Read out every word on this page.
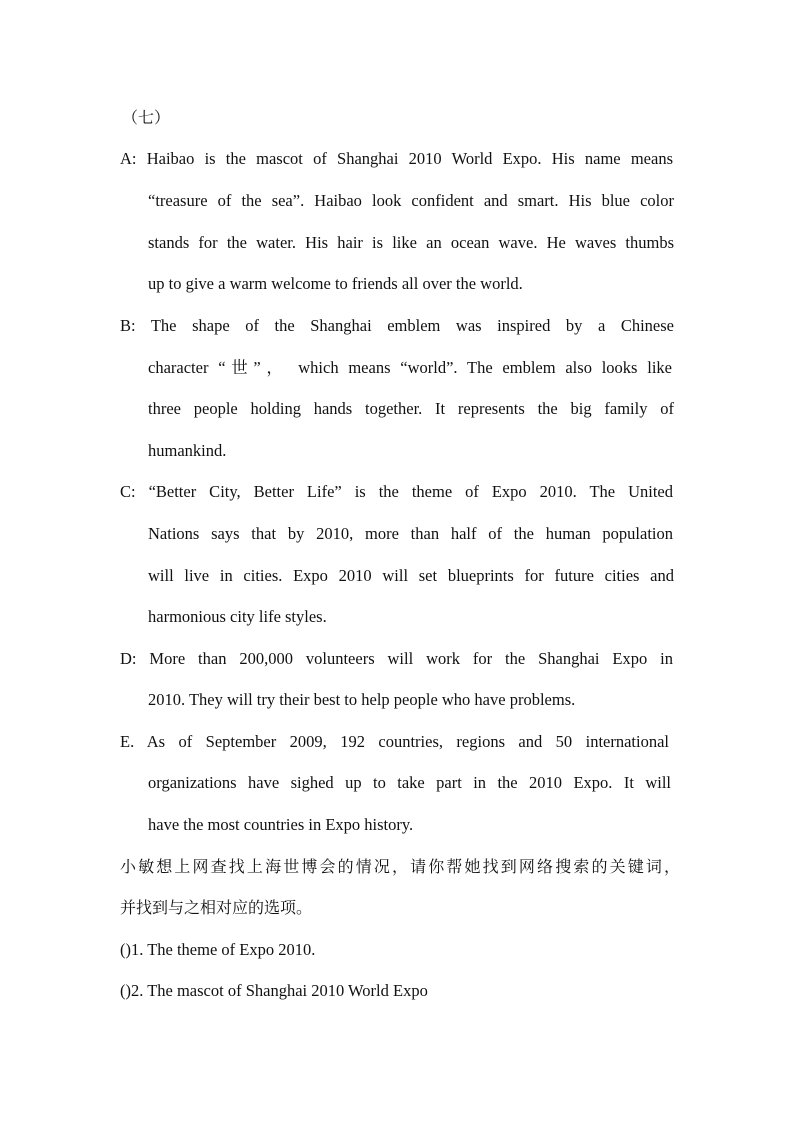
（七）
A: Haibao is the mascot of Shanghai 2010 World Expo. His name means
“treasure of the sea”. Haibao look confident and smart. His blue color
stands for the water. His hair is like an ocean wave. He waves thumbs
up to give a warm welcome to friends all over the world.
B: The shape of the Shanghai emblem was inspired by a Chinese
character “世”， which means “world”. The emblem also looks like
three people holding hands together. It represents the big family of
humankind.
C: “Better City, Better Life” is the theme of Expo 2010. The United
Nations says that by 2010, more than half of the human population
will live in cities. Expo 2010 will set blueprints for future cities and
harmonious city life styles.
D: More than 200,000 volunteers will work for the Shanghai Expo in
2010. They will try their best to help people who have problems.
E. As of September 2009, 192 countries, regions and 50 international
organizations have sighed up to take part in the 2010 Expo. It will
have the most countries in Expo history.
小敏想上网查找上海世博会的情况，请你帮她找到网络搜索的关键词，
并找到与之相对应的选项。
()1. The theme of Expo 2010.
()2. The mascot of Shanghai 2010 World Expo
